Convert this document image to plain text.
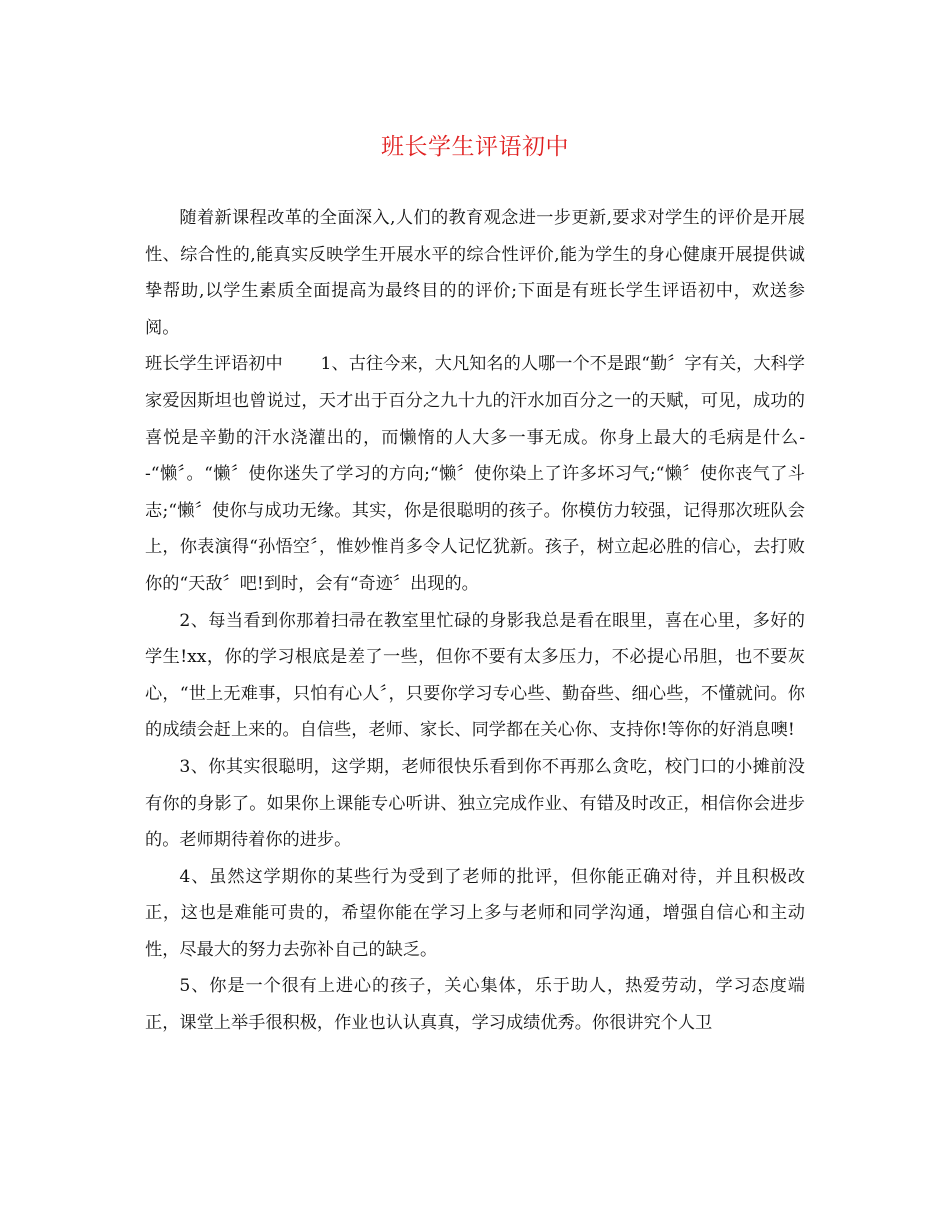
班长学生评语初中

随着新课程改革的全面深入,人们的教育观念进一步更新,要求对学生的评价是开展性、综合性的,能真实反映学生开展水平的综合性评价,能为学生的身心健康开展提供诚挚帮助,以学生素质全面提高为最终目的的评价;下面是有班长学生评语初中，欢送参阅。

班长学生评语初中 1、古往今来，大凡知名的人哪一个不是跟“勤〞字有关，大科学家爱因斯坦也曾说过，天才出于百分之九十九的汗水加百分之一的天赋，可见，成功的喜悦是辛勤的汗水浇灌出的，而懒惰的人大多一事无成。你身上最大的毛病是什么--“懒〞。“懒〞使你迷失了学习的方向;“懒〞使你染上了许多坏习气;“懒〞使你丧气了斗志;“懒〞使你与成功无缘。其实，你是很聪明的孩子。你模仿力较强，记得那次班队会上，你表演得“孙悟空〞，惟妙惟肖多令人记忆犹新。孩子，树立起必胜的信心，去打败你的“天敌〞吧!到时，会有“奇迹〞出现的。

2、每当看到你那着扫帚在教室里忙碌的身影我总是看在眼里，喜在心里，多好的学生!xx，你的学习根底是差了一些，但你不要有太多压力，不必提心吊胆，也不要灰心，“世上无难事，只怕有心人〞，只要你学习专心些、勤奋些、细心些，不懂就问。你的成绩会赶上来的。自信些，老师、家长、同学都在关心你、支持你!等你的好消息噢!

3、你其实很聪明，这学期，老师很快乐看到你不再那么贪吃，校门口的小摊前没有你的身影了。如果你上课能专心听讲、独立完成作业、有错及时改正，相信你会进步的。老师期待着你的进步。

4、虽然这学期你的某些行为受到了老师的批评，但你能正确对待，并且积极改正，这也是难能可贵的，希望你能在学习上多与老师和同学沟通，增强自信心和主动性，尽最大的努力去弥补自己的缺乏。

5、你是一个很有上进心的孩子，关心集体，乐于助人，热爱劳动，学习态度端正，课堂上举手很积极，作业也认认真真，学习成绩优秀。你很讲究个人卫
